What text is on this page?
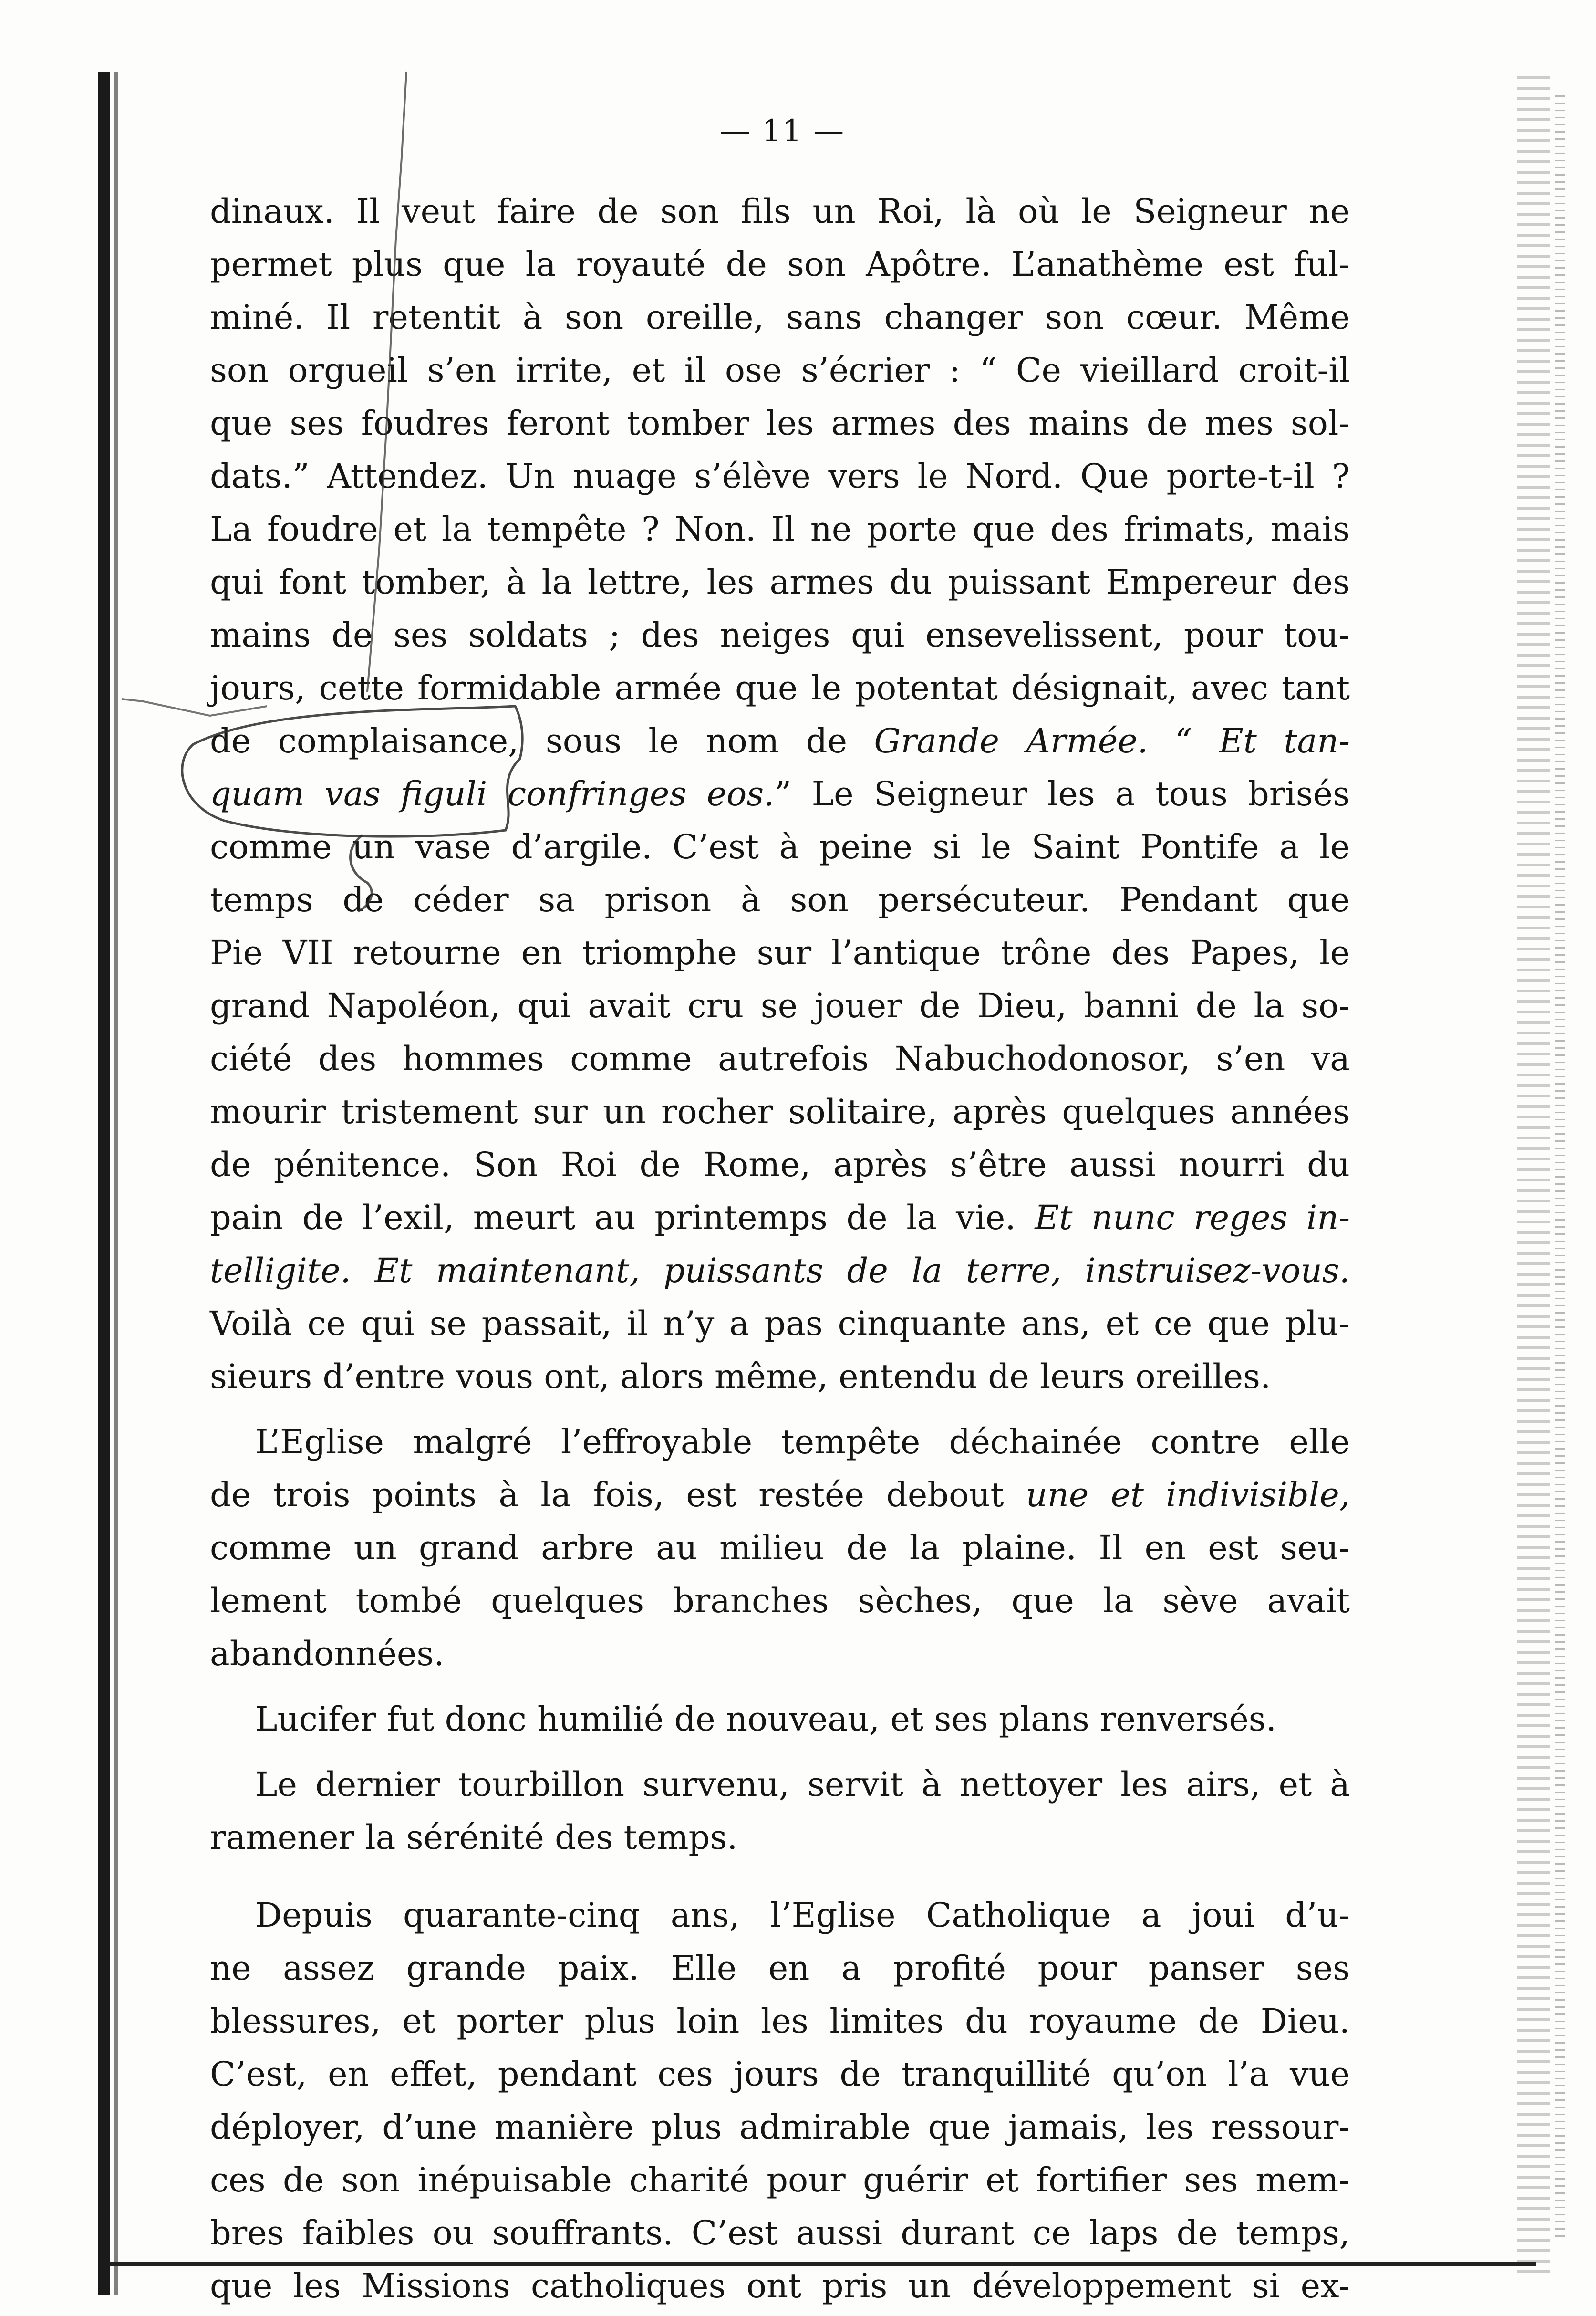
— 11 —
dinaux. Il veut faire de son fils un Roi, là où le Seigneur ne
permet plus que la royauté de son Apôtre. L’anathème est ful-
miné. Il retentit à son oreille, sans changer son cœur. Même
son orgueil s’en irrite, et il ose s’écrier : “ Ce vieillard croit-il
que ses foudres feront tomber les armes des mains de mes sol-
dats.” Attendez. Un nuage s’élève vers le Nord. Que porte-t-il ?
La foudre et la tempête ? Non. Il ne porte que des frimats, mais
qui font tomber, à la lettre, les armes du puissant Empereur des
mains de ses soldats ; des neiges qui ensevelissent, pour tou-
jours, cette formidable armée que le potentat désignait, avec tant
de complaisance, sous le nom de Grande Armée. “ Et tan-
quam vas figuli confringes eos.” Le Seigneur les a tous brisés
comme un vase d’argile. C’est à peine si le Saint Pontife a le
temps de céder sa prison à son persécuteur. Pendant que
Pie VII retourne en triomphe sur l’antique trône des Papes, le
grand Napoléon, qui avait cru se jouer de Dieu, banni de la so-
ciété des hommes comme autrefois Nabuchodonosor, s’en va
mourir tristement sur un rocher solitaire, après quelques années
de pénitence. Son Roi de Rome, après s’être aussi nourri du
pain de l’exil, meurt au printemps de la vie. Et nunc reges in-
telligite. Et maintenant, puissants de la terre, instruisez-vous.
Voilà ce qui se passait, il n’y a pas cinquante ans, et ce que plu-
sieurs d’entre vous ont, alors même, entendu de leurs oreilles.
L’Eglise malgré l’effroyable tempête déchainée contre elle
de trois points à la fois, est restée debout une et indivisible,
comme un grand arbre au milieu de la plaine. Il en est seu-
lement tombé quelques branches sèches, que la sève avait
abandonnées.
Lucifer fut donc humilié de nouveau, et ses plans renversés.
Le dernier tourbillon survenu, servit à nettoyer les airs, et à
ramener la sérénité des temps.
Depuis quarante-cinq ans, l’Eglise Catholique a joui d’u-
ne assez grande paix. Elle en a profité pour panser ses
blessures, et porter plus loin les limites du royaume de Dieu.
C’est, en effet, pendant ces jours de tranquillité qu’on l’a vue
déployer, d’une manière plus admirable que jamais, les ressour-
ces de son inépuisable charité pour guérir et fortifier ses mem-
bres faibles ou souffrants. C’est aussi durant ce laps de temps,
que les Missions catholiques ont pris un développement si ex-
